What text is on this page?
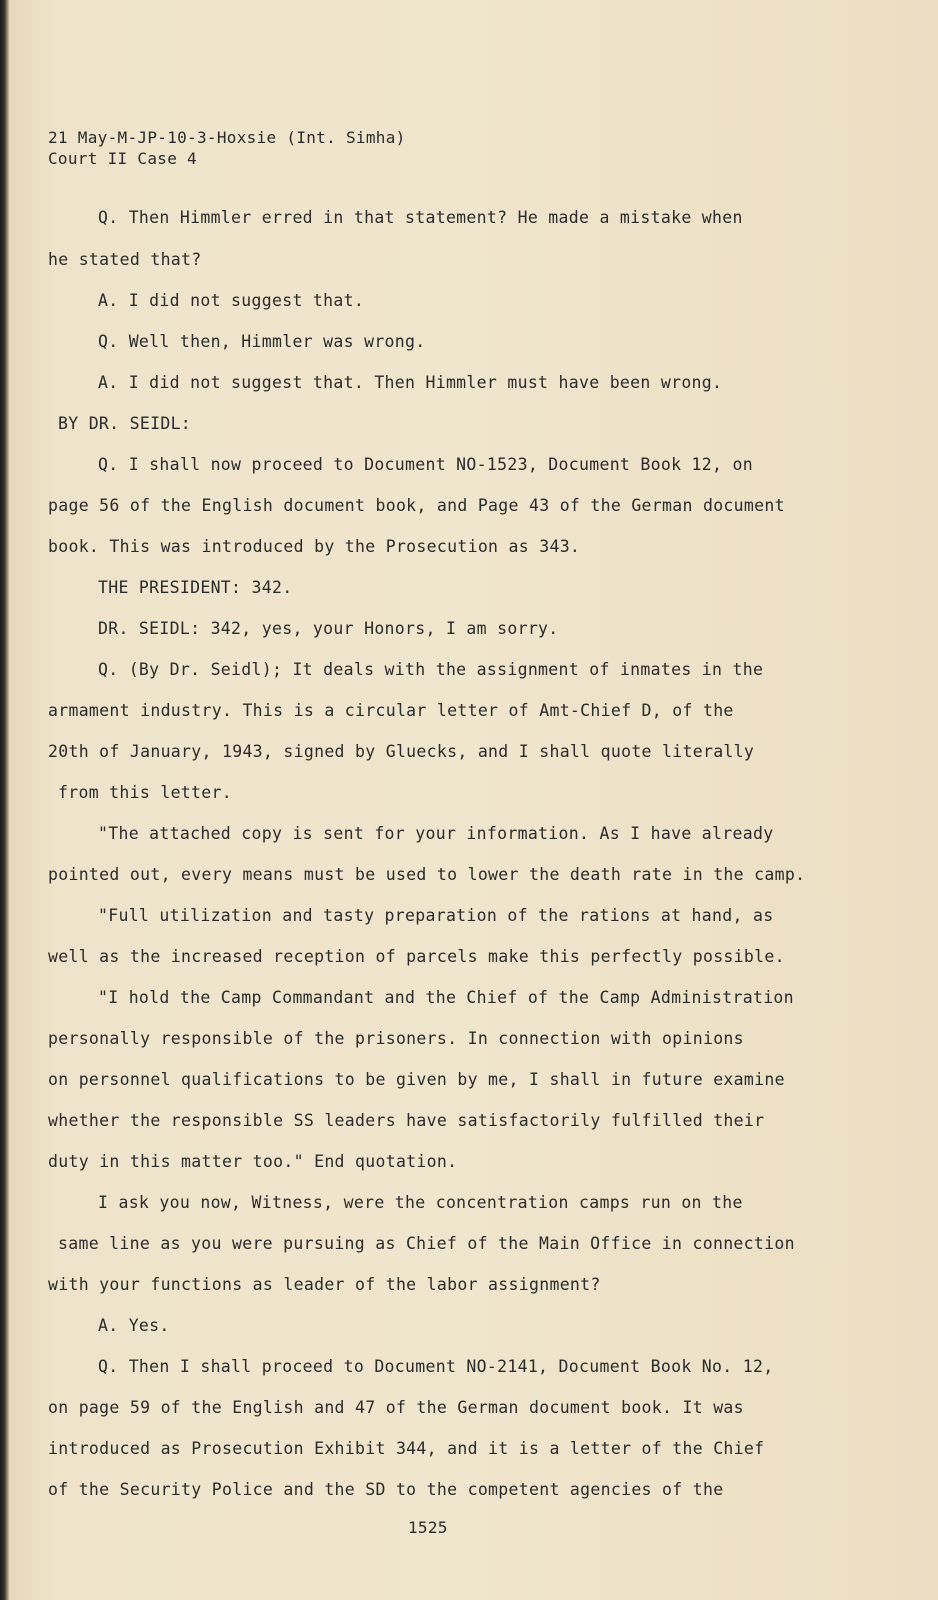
21 May-M-JP-10-3-Hoxsie (Int. Simha)
Court II Case 4
Q. Then Himmler erred in that statement? He made a mistake when
he stated that?
A. I did not suggest that.
Q. Well then, Himmler was wrong.
A. I did not suggest that. Then Himmler must have been wrong.
BY DR. SEIDL:
Q. I shall now proceed to Document NO-1523, Document Book 12, on
page 56 of the English document book, and Page 43 of the German document
book. This was introduced by the Prosecution as 343.
THE PRESIDENT: 342.
DR. SEIDL: 342, yes, your Honors, I am sorry.
Q. (By Dr. Seidl); It deals with the assignment of inmates in the
armament industry. This is a circular letter of Amt-Chief D, of the
20th of January, 1943, signed by Gluecks, and I shall quote literally
from this letter.
"The attached copy is sent for your information. As I have already
pointed out, every means must be used to lower the death rate in the camp.
"Full utilization and tasty preparation of the rations at hand, as
well as the increased reception of parcels make this perfectly possible.
"I hold the Camp Commandant and the Chief of the Camp Administration
personally responsible of the prisoners. In connection with opinions
on personnel qualifications to be given by me, I shall in future examine
whether the responsible SS leaders have satisfactorily fulfilled their
duty in this matter too." End quotation.
I ask you now, Witness, were the concentration camps run on the
same line as you were pursuing as Chief of the Main Office in connection
with your functions as leader of the labor assignment?
A. Yes.
Q. Then I shall proceed to Document NO-2141, Document Book No. 12,
on page 59 of the English and 47 of the German document book. It was
introduced as Prosecution Exhibit 344, and it is a letter of the Chief
of the Security Police and the SD to the competent agencies of the
1525
